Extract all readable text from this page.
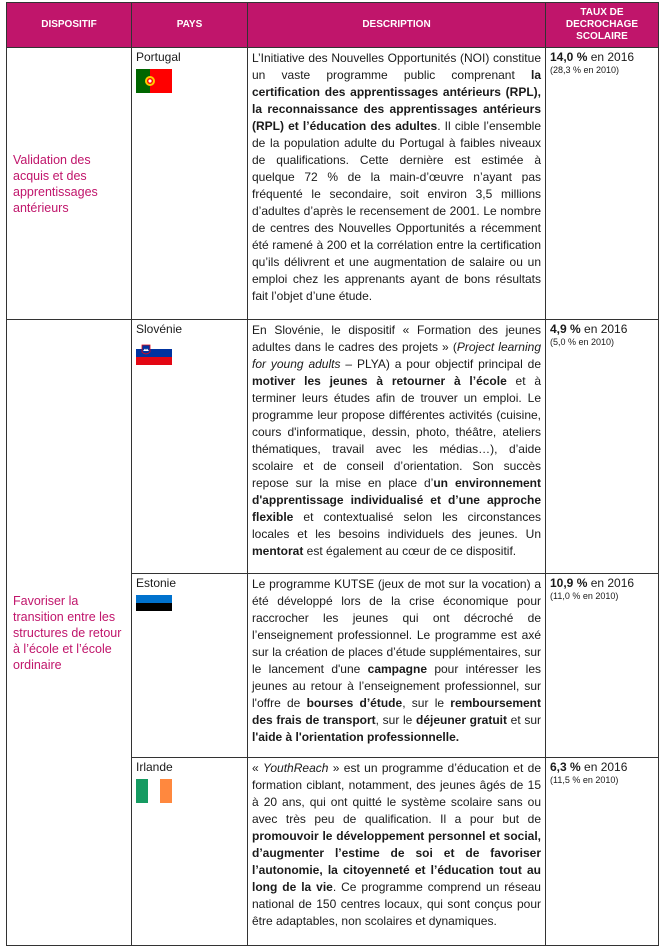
DISPOSITIF	PAYS	DESCRIPTION	TAUX DE DECROCHAGE SCOLAIRE
Validation des acquis et des apprentissages antérieurs	Portugal	L’Initiative des Nouvelles Opportunités (NOI) constitue un vaste programme public comprenant la certification des apprentissages antérieurs (RPL), la reconnaissance des apprentissages antérieurs (RPL) et l’éducation des adultes. Il cible l’ensemble de la population adulte du Portugal à faibles niveaux de qualifications. Cette dernière est estimée à quelque 72 % de la main-d’œuvre n’ayant pas fréquenté le secondaire, soit environ 3,5 millions d’adultes d’après le recensement de 2001. Le nombre de centres des Nouvelles Opportunités a récemment été ramené à 200 et la corrélation entre la certification qu’ils délivrent et une augmentation de salaire ou un emploi chez les apprenants ayant de bons résultats fait l’objet d’une étude.	14,0 % en 2016
(28,3 % en 2010)

Favoriser la transition entre les structures de retour à l’école et l’école ordinaire	Slovénie	En Slovénie, le dispositif « Formation des jeunes adultes dans le cadres des projets » (Project learning for young adults – PLYA) a pour objectif principal de motiver les jeunes à retourner à l’école et à terminer leurs études afin de trouver un emploi. Le programme leur propose différentes activités (cuisine, cours d'informatique, dessin, photo, théâtre, ateliers thématiques, travail avec les médias…), d’aide scolaire et de conseil d’orientation. Son succès repose sur la mise en place d’un environnement d'apprentissage individualisé et d’une approche flexible et contextualisé selon les circonstances locales et les besoins individuels des jeunes. Un mentorat est également au cœur de ce dispositif.	4,9 % en 2016
(5,0 % en 2010)

	Estonie	Le programme KUTSE (jeux de mot sur la vocation) a été développé lors de la crise économique pour raccrocher les jeunes qui ont décroché de l’enseignement professionnel. Le programme est axé sur la création de places d’étude supplémentaires, sur le lancement d'une campagne pour intéresser les jeunes au retour à l’enseignement professionnel, sur l'offre de bourses d’étude, sur le remboursement des frais de transport, sur le déjeuner gratuit et sur l'aide à l'orientation professionnelle.	10,9 % en 2016
(11,0 % en 2010)

	Irlande	« YouthReach » est un programme d’éducation et de formation ciblant, notamment, des jeunes âgés de 15 à 20 ans, qui ont quitté le système scolaire sans ou avec très peu de qualification. Il a pour but de promouvoir le développement personnel et social, d’augmenter l’estime de soi et de favoriser l’autonomie, la citoyenneté et l’éducation tout au long de la vie. Ce programme comprend un réseau national de 150 centres locaux, qui sont conçus pour être adaptables, non scolaires et dynamiques.	6,3 % en 2016
(11,5 % en 2010)
